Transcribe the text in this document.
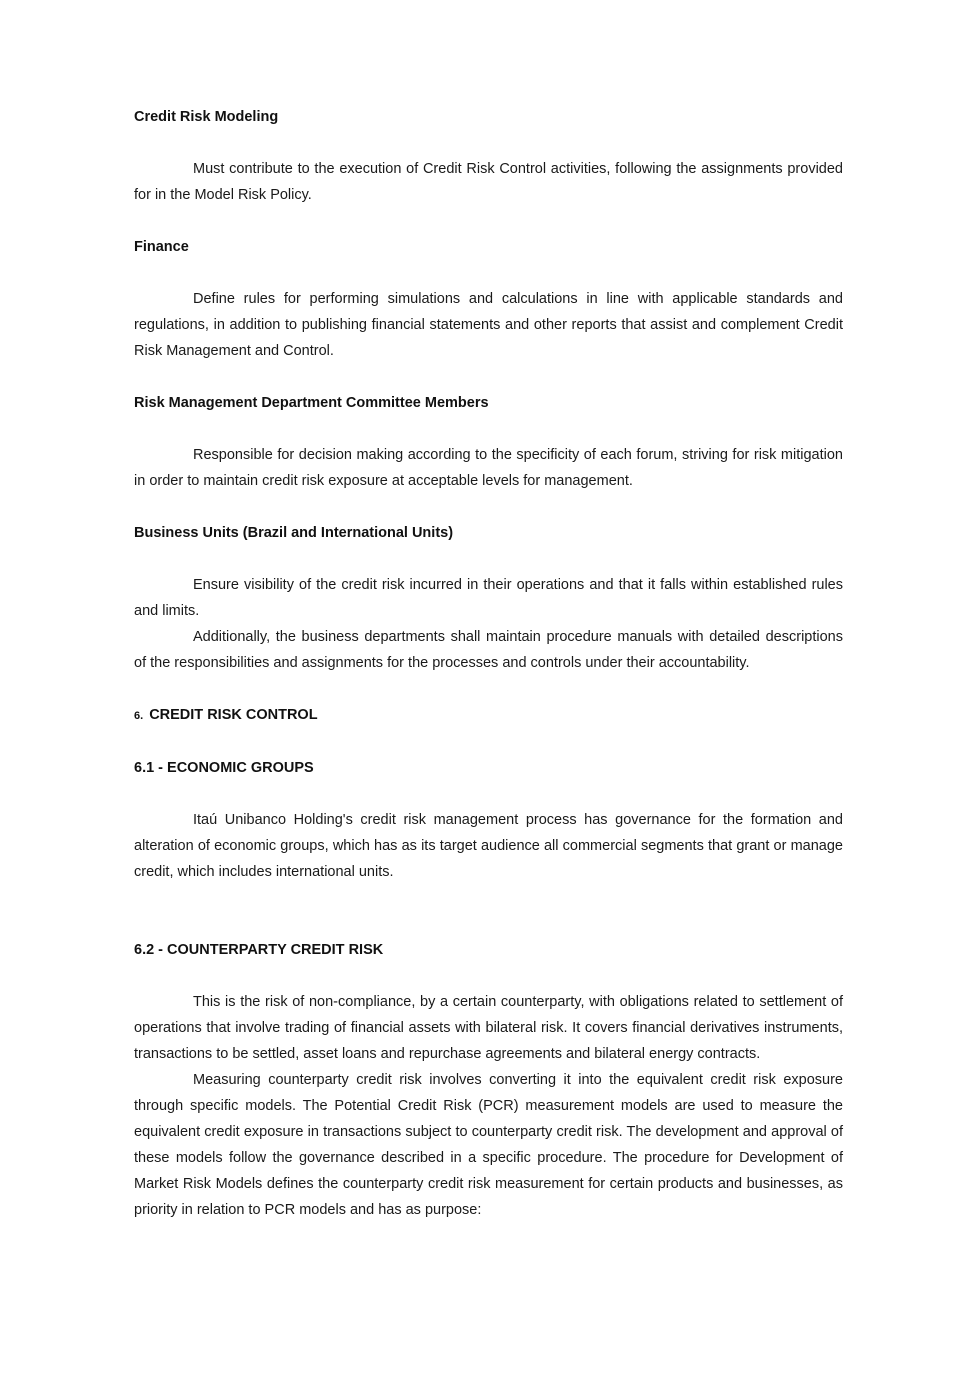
Credit Risk Modeling

Must contribute to the execution of Credit Risk Control activities, following the assignments provided for in the Model Risk Policy.

Finance

Define rules for performing simulations and calculations in line with applicable standards and regulations, in addition to publishing financial statements and other reports that assist and complement Credit Risk Management and Control.

Risk Management Department Committee Members

Responsible for decision making according to the specificity of each forum, striving for risk mitigation in order to maintain credit risk exposure at acceptable levels for management.

Business Units (Brazil and International Units)

Ensure visibility of the credit risk incurred in their operations and that it falls within established rules and limits.

Additionally, the business departments shall maintain procedure manuals with detailed descriptions of the responsibilities and assignments for the processes and controls under their accountability.

6. CREDIT RISK CONTROL
6.1 - ECONOMIC GROUPS

Itaú Unibanco Holding's credit risk management process has governance for the formation and alteration of economic groups, which has as its target audience all commercial segments that grant or manage credit, which includes international units.

6.2 - COUNTERPARTY CREDIT RISK

This is the risk of non-compliance, by a certain counterparty, with obligations related to settlement of operations that involve trading of financial assets with bilateral risk. It covers financial derivatives instruments, transactions to be settled, asset loans and repurchase agreements and bilateral energy contracts.

Measuring counterparty credit risk involves converting it into the equivalent credit risk exposure through specific models. The Potential Credit Risk (PCR) measurement models are used to measure the equivalent credit exposure in transactions subject to counterparty credit risk. The development and approval of these models follow the governance described in a specific procedure. The procedure for Development of Market Risk Models defines the counterparty credit risk measurement for certain products and businesses, as priority in relation to PCR models and has as purpose:
